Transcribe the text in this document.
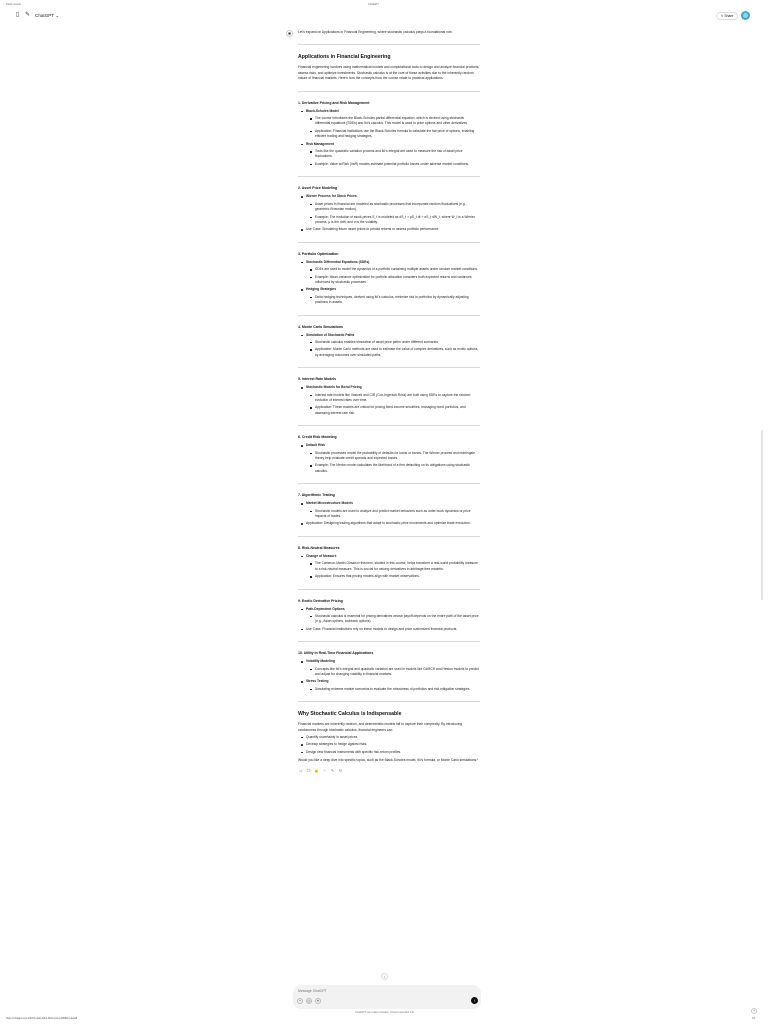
Stack results	ChatGPT
▯ ✎ ChatGPT ⌄	⇪ Share
✺	Let's expand on Applications in Financial Engineering, where stochastic calculus plays a foundational role.

Applications in Financial Engineering

Financial engineering involves using mathematical models and computational tools to design and analyze financial products, assess risks, and optimize investments. Stochastic calculus is at the core of these activities due to the inherently random nature of financial markets. Here's how the concepts from the course relate to practical applications:

1. Derivative Pricing and Risk Management
Black-Scholes Model
The course introduces the Black-Scholes partial differential equation, which is derived using stochastic differential equations (SDEs) and Itô's calculus. This model is used to price options and other derivatives.
Application: Financial institutions use the Black-Scholes formula to calculate the fair price of options, enabling efficient trading and hedging strategies.
Risk Management
Tools like the quadratic variation process and Itô's integral are used to measure the risk of asset price fluctuations.
Example: Value at Risk (VaR) models estimate potential portfolio losses under adverse market conditions.
2. Asset Price Modeling
Wiener Process for Stock Prices
Asset prices in financial are modeled as stochastic processes that incorporate random fluctuations (e.g., geometric Brownian motion).
Example: The evolution of stock prices S_t is modeled as dS_t = μS_t dt + σS_t dW_t, where W_t is a Wiener process, μ is the drift, and σ is the volatility.
Use Case: Simulating future asset prices to predict returns or assess portfolio performance.
3. Portfolio Optimization
Stochastic Differential Equations (SDEs)
SDEs are used to model the dynamics of a portfolio containing multiple assets under random market conditions.
Example: Mean-variance optimization for portfolio allocation considers both expected returns and variances influenced by stochastic processes.
Hedging Strategies
Delta hedging techniques, derived using Itô's calculus, minimize risk in portfolios by dynamically adjusting positions in assets.
4. Monte Carlo Simulations
Simulation of Stochastic Paths
Stochastic calculus enables simulation of asset price paths under different scenarios.
Application: Monte Carlo methods are used to estimate the value of complex derivatives, such as exotic options, by averaging outcomes over simulated paths.
5. Interest Rate Models
Stochastic Models for Bond Pricing
Interest rate models like Vasicek and CIR (Cox-Ingersoll-Ross) are built using SDEs to capture the random evolution of interest rates over time.
Application: These models are critical for pricing fixed-income securities, managing bond portfolios, and assessing interest rate risk.
6. Credit Risk Modeling
Default Risk
Stochastic processes model the probability of defaults for loans or bonds. The Wiener process and martingale theory help evaluate credit spreads and expected losses.
Example: The Merton model calculates the likelihood of a firm defaulting on its obligations using stochastic calculus.
7. Algorithmic Trading
Market Microstructure Models
Stochastic models are used to analyze and predict market behaviors such as order book dynamics or price impacts of trades.
Application: Designing trading algorithms that adapt to stochastic price movements and optimize trade execution.
8. Risk-Neutral Measures
Change of Measure
The Cameron-Martin-Girsanov theorem, studied in this course, helps transform a real-world probability measure to a risk-neutral measure. This is crucial for valuing derivatives in arbitrage-free markets.
Application: Ensures that pricing models align with market observations.
9. Exotic Derivative Pricing
Path-Dependent Options
Stochastic calculus is essential for pricing derivatives whose payoff depends on the entire path of the asset price (e.g., Asian options, lookback options).
Use Case: Financial institutions rely on these models to design and price customized financial products.
10. Utility in Real-Time Financial Applications
Volatility Modeling
Concepts like Itô's integral and quadratic variation are used in models like GARCH and Heston models to predict and adjust for changing volatility in financial markets.
Stress Testing
Simulating extreme market scenarios to evaluate the robustness of portfolios and risk mitigation strategies.
Why Stochastic Calculus is Indispensable

Financial markets are inherently random, and deterministic models fail to capture their complexity. By introducing randomness through stochastic calculus, financial engineers can:

Quantify uncertainty in asset prices.
Develop strategies to hedge against risks.
Design new financial instruments with specific risk-return profiles.

Would you like a deep dive into specific topics, such as the Black-Scholes model, Itô's formula, or Monte Carlo simulations?

◁ ❐ ☝	☟	✎ ↻
↓
Message ChatGPT
+	◎	✦	↑
ChatGPT can make mistakes. Check important info.	?
https://chatgpt.com/c/67b1c4a0-d0b4-8010-bce4-d9688ec4e0a8	1/1
